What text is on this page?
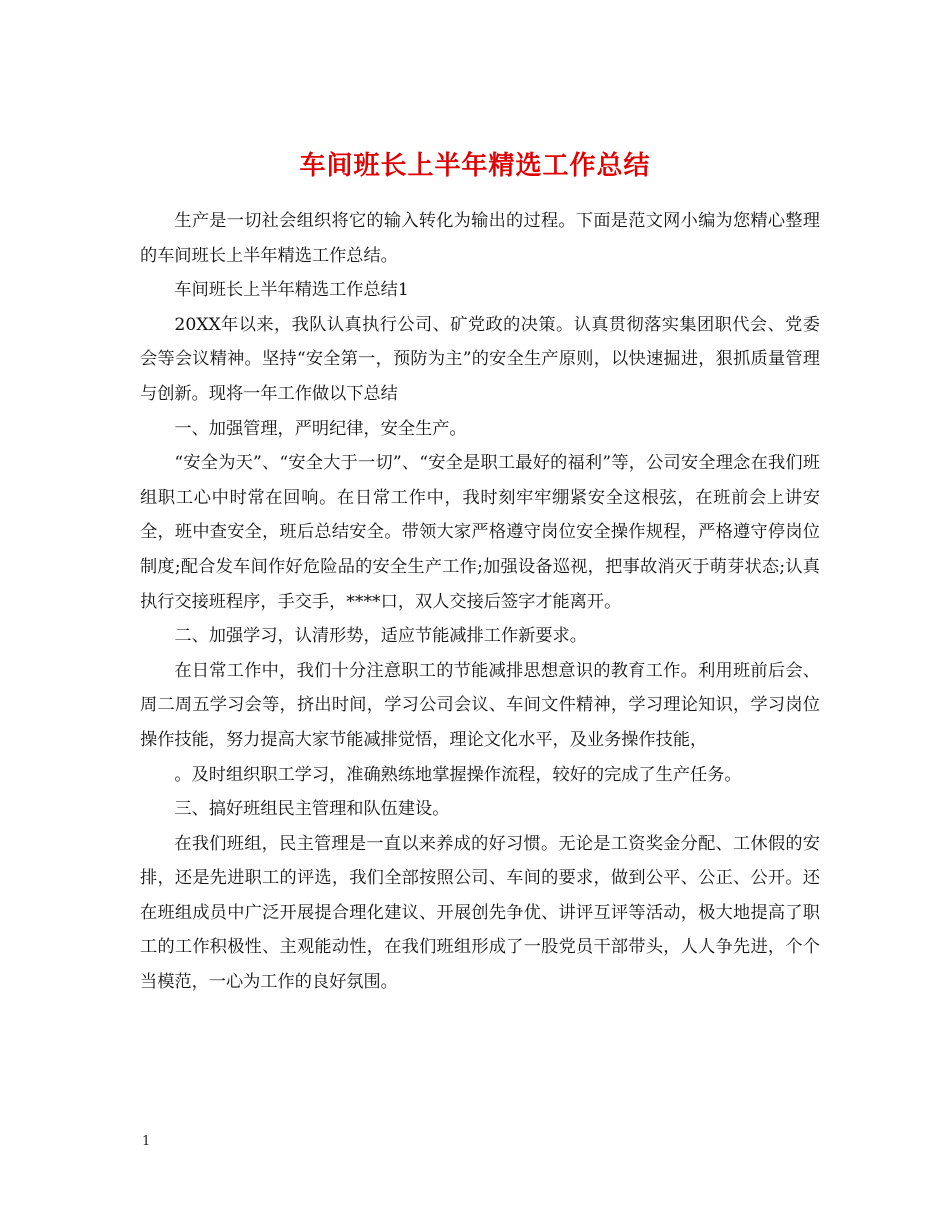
车间班长上半年精选工作总结

生产是一切社会组织将它的输入转化为输出的过程。下面是范文网小编为您精心整理的车间班长上半年精选工作总结。

车间班长上半年精选工作总结1

20XX年以来，我队认真执行公司、矿党政的决策。认真贯彻落实集团职代会、党委会等会议精神。坚持“安全第一，预防为主”的安全生产原则，以快速掘进，狠抓质量管理与创新。现将一年工作做以下总结

一、加强管理，严明纪律，安全生产。

“安全为天”、“安全大于一切”、“安全是职工最好的福利”等，公司安全理念在我们班组职工心中时常在回响。在日常工作中，我时刻牢牢绷紧安全这根弦，在班前会上讲安全，班中查安全，班后总结安全。带领大家严格遵守岗位安全操作规程，严格遵守停岗位制度;配合发车间作好危险品的安全生产工作;加强设备巡视，把事故消灭于萌芽状态;认真执行交接班程序，手交手，****口，双人交接后签字才能离开。

二、加强学习，认清形势，适应节能减排工作新要求。

在日常工作中，我们十分注意职工的节能减排思想意识的教育工作。利用班前后会、周二周五学习会等，挤出时间，学习公司会议、车间文件精神，学习理论知识，学习岗位操作技能，努力提高大家节能减排觉悟，理论文化水平，及业务操作技能，

。及时组织职工学习，准确熟练地掌握操作流程，较好的完成了生产任务。

三、搞好班组民主管理和队伍建设。

在我们班组，民主管理是一直以来养成的好习惯。无论是工资奖金分配、工休假的安排，还是先进职工的评选，我们全部按照公司、车间的要求，做到公平、公正、公开。还在班组成员中广泛开展提合理化建议、开展创先争优、讲评互评等活动，极大地提高了职工的工作积极性、主观能动性，在我们班组形成了一股党员干部带头，人人争先进，个个当模范，一心为工作的良好氛围。

1
